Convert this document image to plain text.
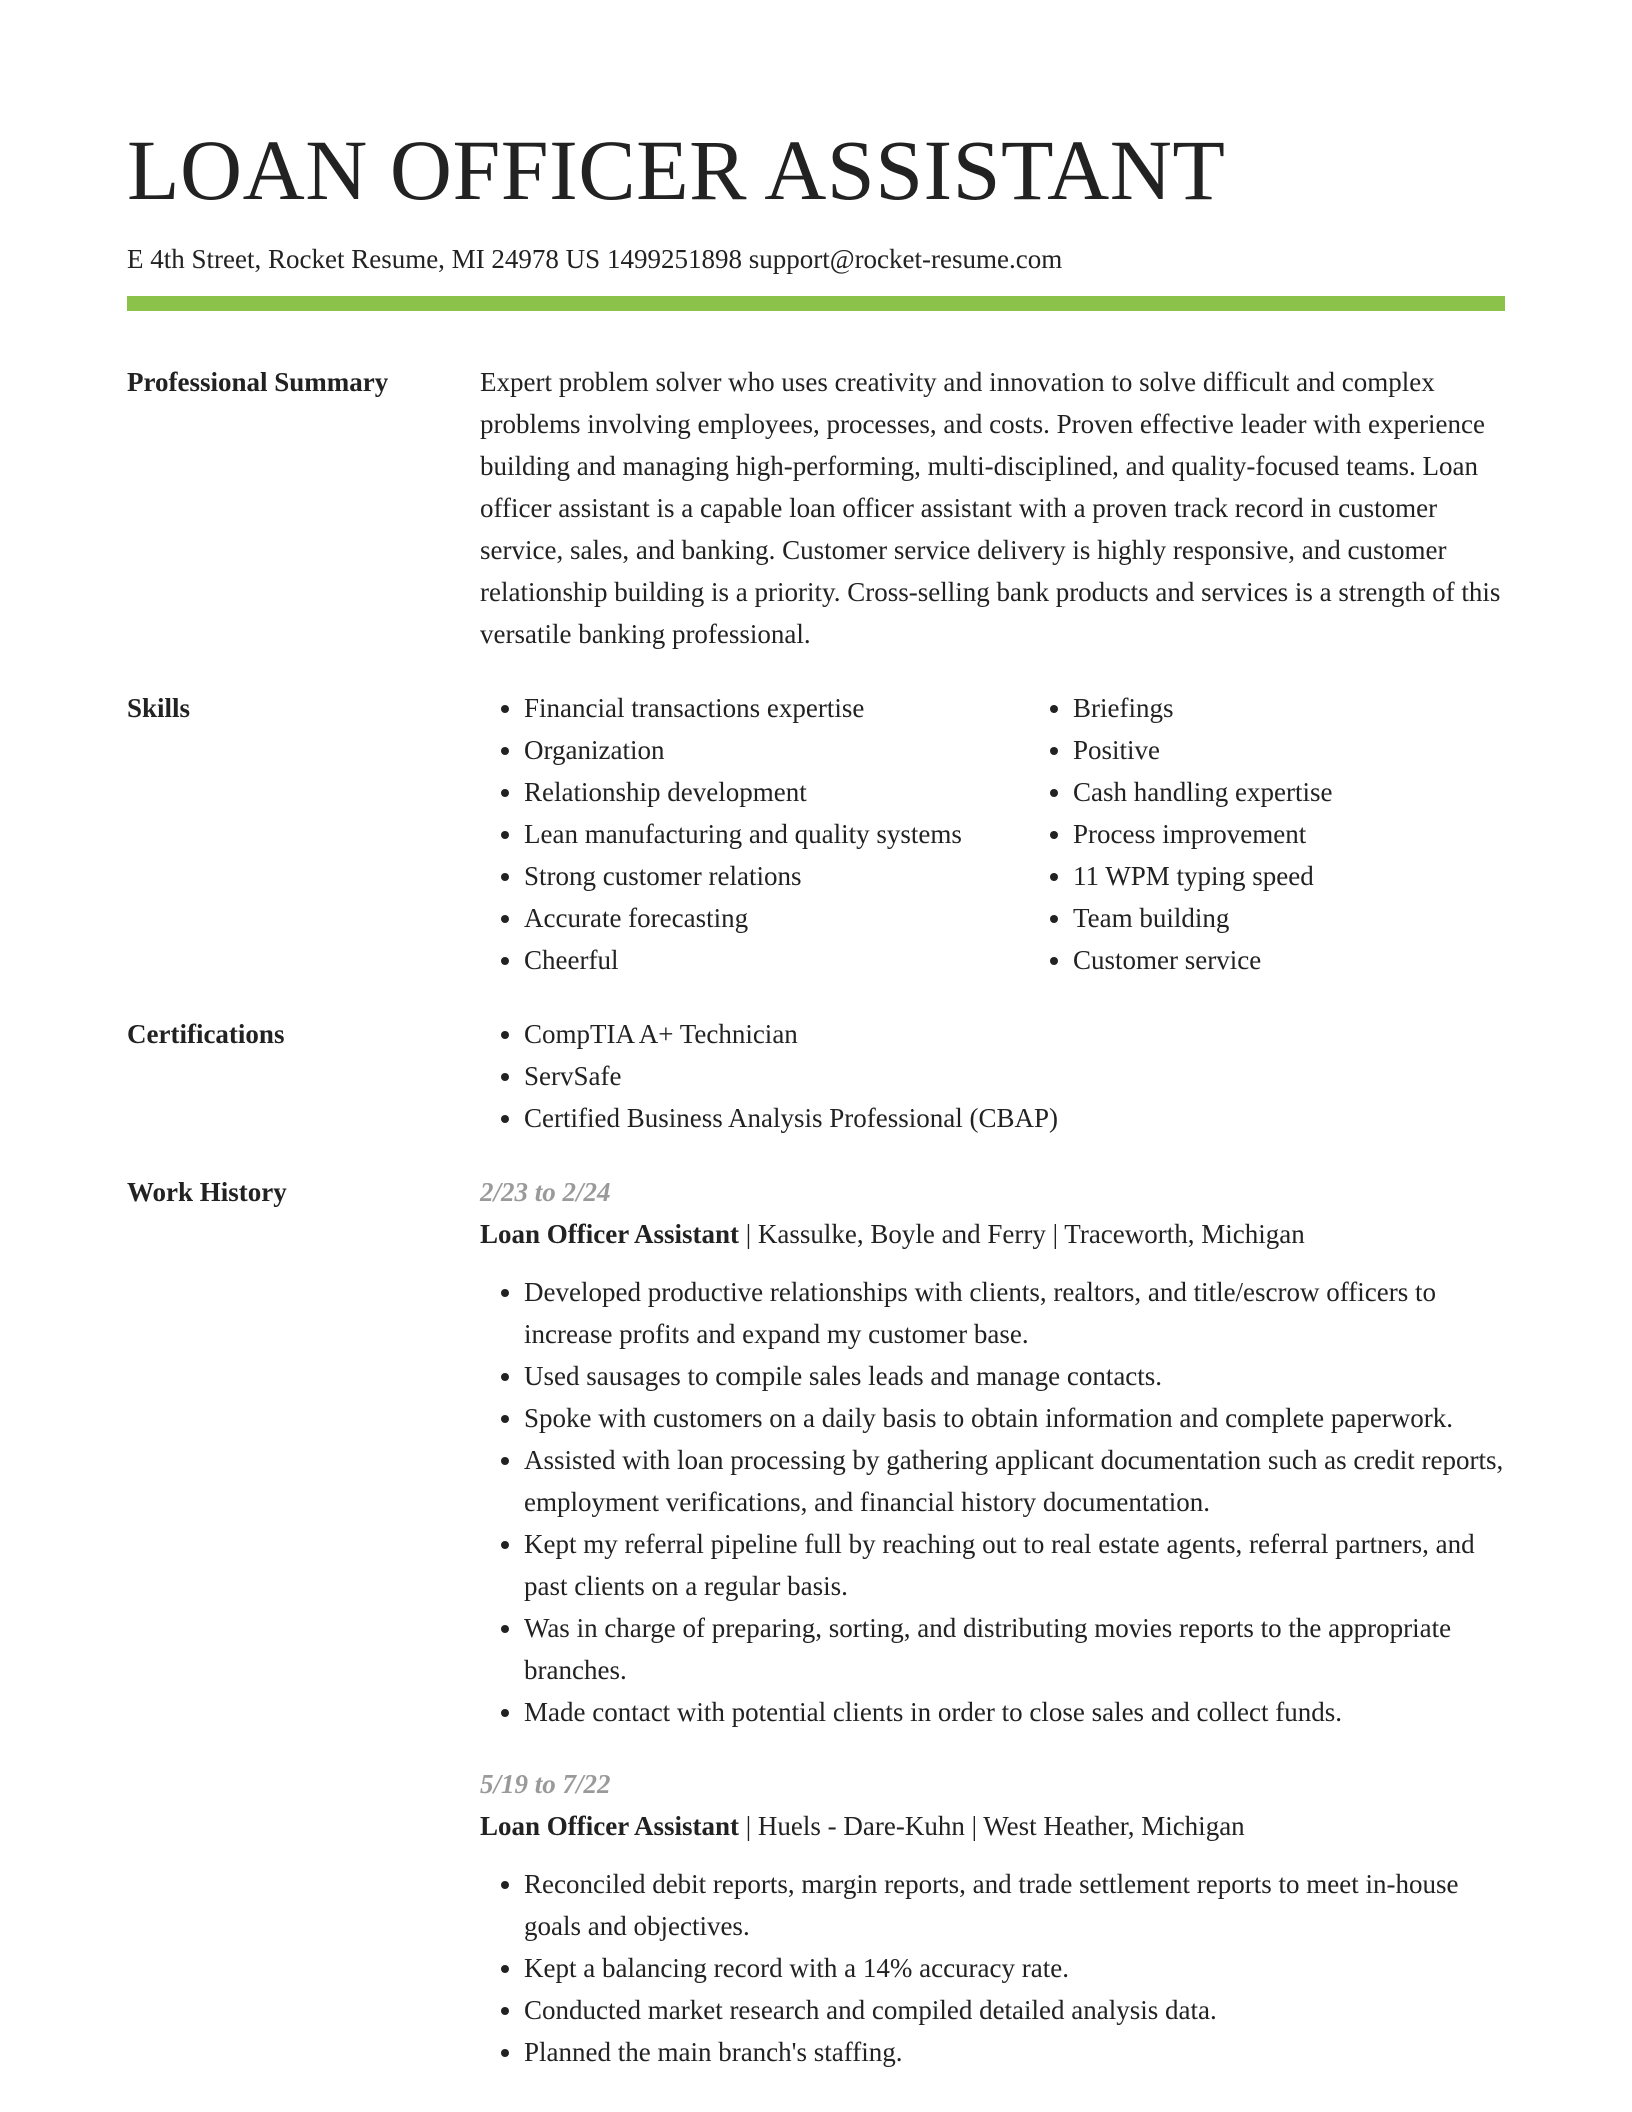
LOAN OFFICER ASSISTANT
E 4th Street, Rocket Resume, MI 24978 US 1499251898 support@rocket-resume.com
Professional Summary	Expert problem solver who uses creativity and innovation to solve difficult and complex problems involving employees, processes, and costs. Proven effective leader with experience building and managing high-performing, multi-disciplined, and quality-focused teams. Loan officer assistant is a capable loan officer assistant with a proven track record in customer service, sales, and banking. Customer service delivery is highly responsive, and customer relationship building is a priority. Cross-selling bank products and services is a strength of this versatile banking professional.
Skills	• Financial transactions expertise
• Organization
• Relationship development
• Lean manufacturing and quality systems
• Strong customer relations
• Accurate forecasting
• Cheerful
• Briefings
• Positive
• Cash handling expertise
• Process improvement
• 11 WPM typing speed
• Team building
• Customer service
Certifications	• CompTIA A+ Technician
• ServSafe
• Certified Business Analysis Professional (CBAP)
Work History	2/23 to 2/24
Loan Officer Assistant | Kassulke, Boyle and Ferry | Traceworth, Michigan
• Developed productive relationships with clients, realtors, and title/escrow officers to increase profits and expand my customer base.
• Used sausages to compile sales leads and manage contacts.
• Spoke with customers on a daily basis to obtain information and complete paperwork.
• Assisted with loan processing by gathering applicant documentation such as credit reports, employment verifications, and financial history documentation.
• Kept my referral pipeline full by reaching out to real estate agents, referral partners, and past clients on a regular basis.
• Was in charge of preparing, sorting, and distributing movies reports to the appropriate branches.
• Made contact with potential clients in order to close sales and collect funds.
5/19 to 7/22
Loan Officer Assistant | Huels - Dare-Kuhn | West Heather, Michigan
• Reconciled debit reports, margin reports, and trade settlement reports to meet in-house goals and objectives.
• Kept a balancing record with a 14% accuracy rate.
• Conducted market research and compiled detailed analysis data.
• Planned the main branch's staffing.
